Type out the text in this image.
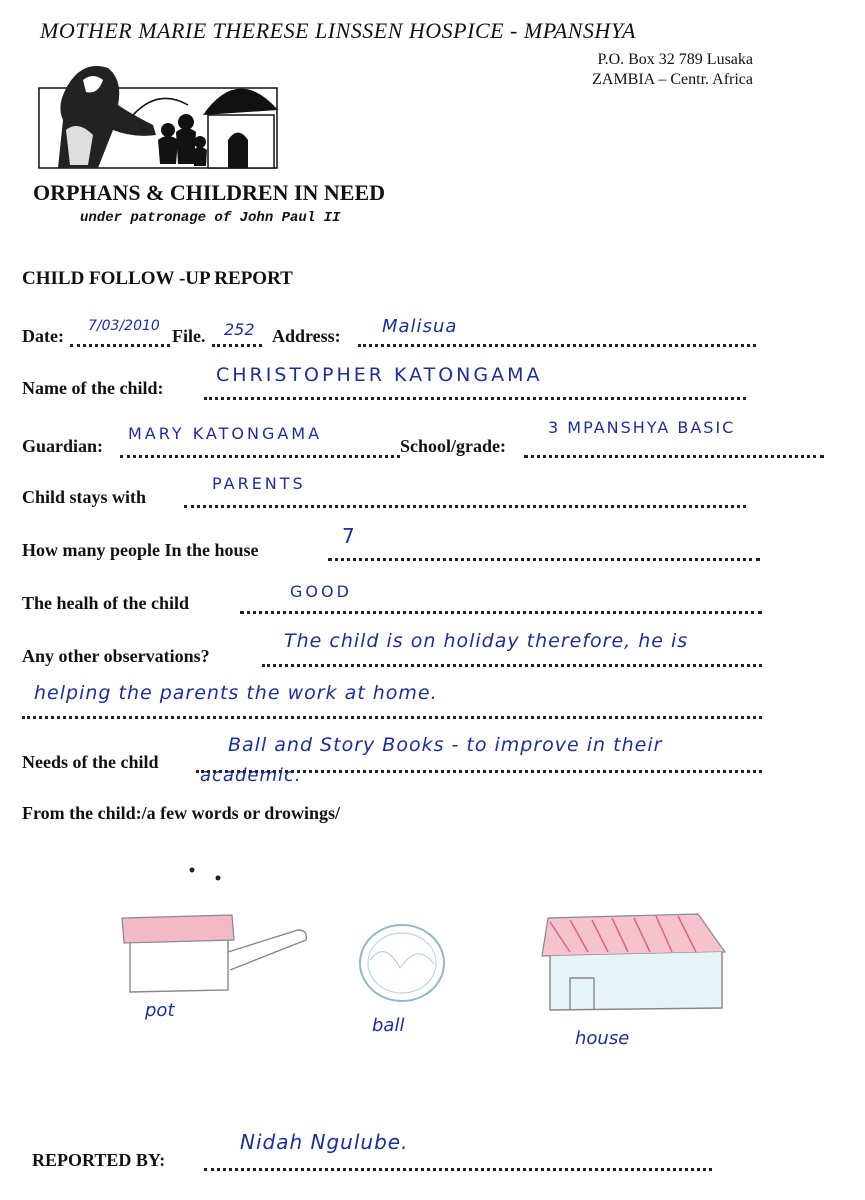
MOTHER MARIE THERESE LINSSEN HOSPICE - MPANSHYA
P.O. Box 32 789 Lusaka
ZAMBIA – Centr. Africa
ORPHANS & CHILDREN IN NEED
under patronage of John Paul II
CHILD FOLLOW -UP REPORT
Date: 7/03/2010 File. 252 Address: Malisua
Name of the child:
CHRISTOPHER KATONGAMA
Guardian:
MARY KATONGAMA
School/grade:
3 MPANSHYA BASIC
Child stays with
PARENTS
How many people In the house
7
The healh of the child
GOOD
Any other observations?
The child is on holiday therefore, he is
helping the parents the work at home.
Needs of the child
Ball and Story Books - to improve in their
academic.
From the child:/a few words or drowings/
pot
ball
house
REPORTED BY:
Nidah Ngulube.
